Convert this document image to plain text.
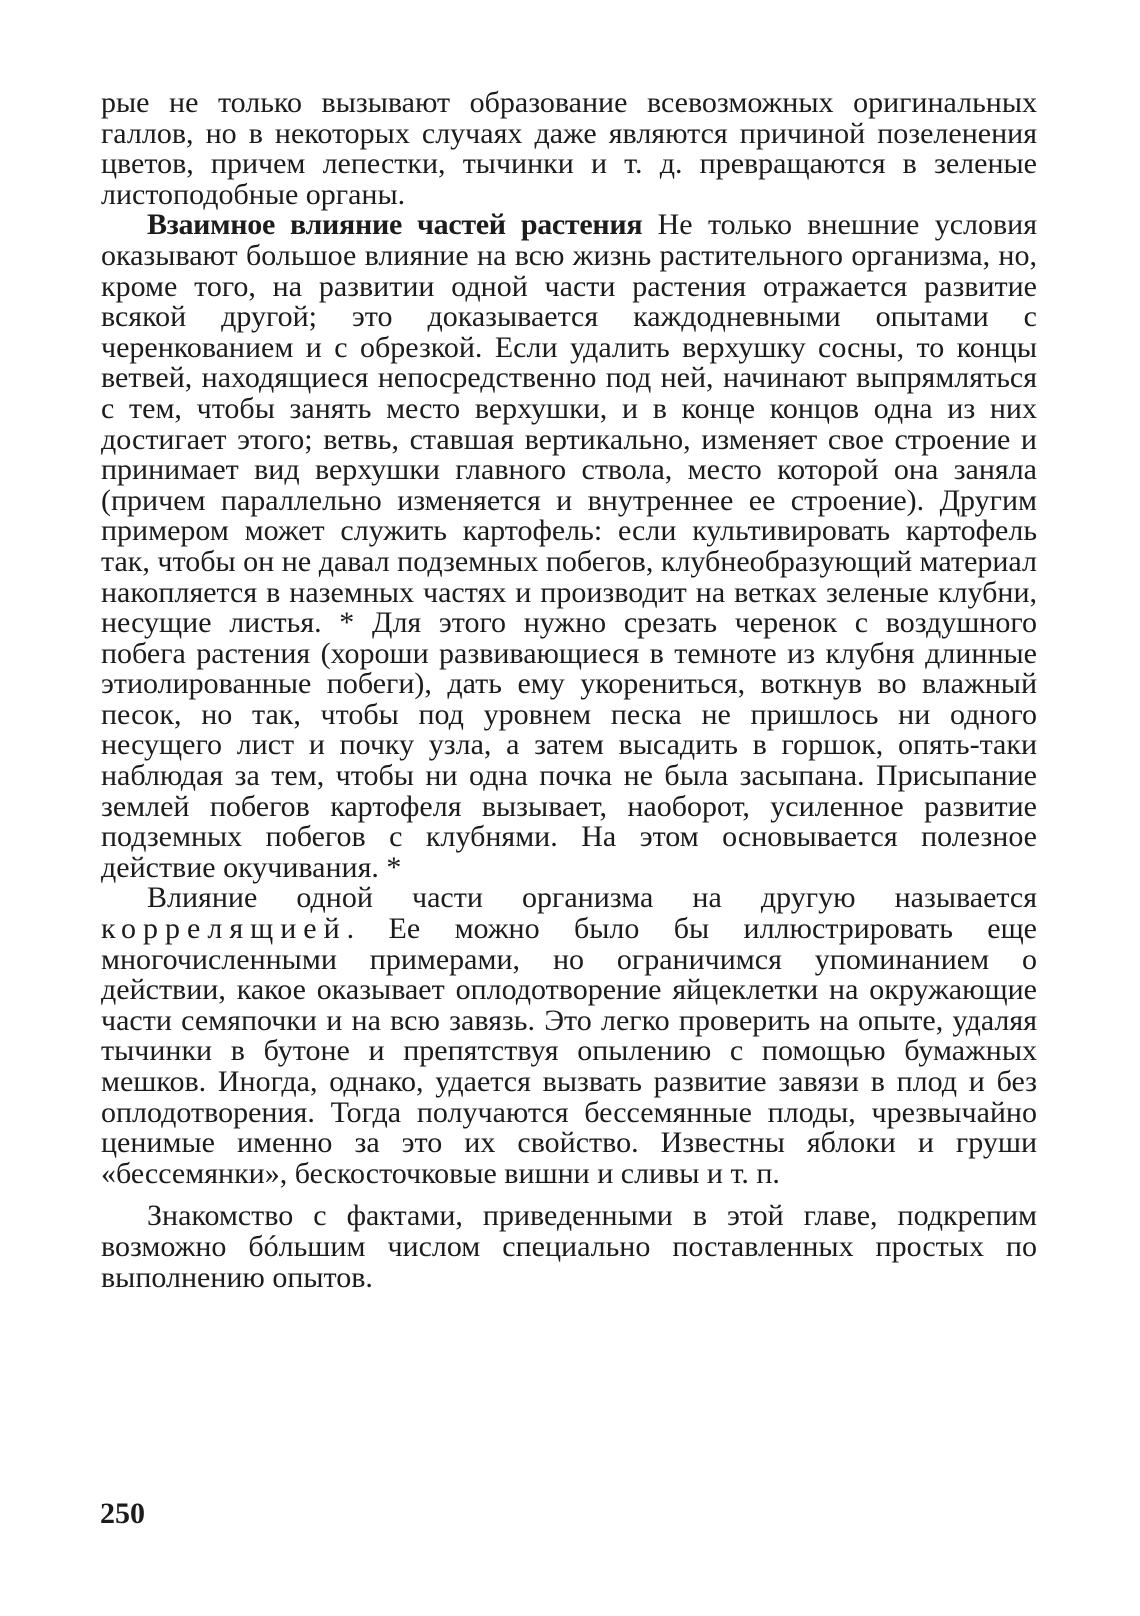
рые не только вызывают образование всевозможных оригинальных галлов, но в некоторых случаях даже являются причиной позеленения цветов, причем лепестки, тычинки и т. д. превращаются в зеленые листоподобные органы.

Взаимное влияние частей растения Не только внешние условия оказывают большое влияние на всю жизнь растительного организма, но, кроме того, на развитии одной части растения отражается развитие всякой другой; это доказывается каждодневными опытами с черенкованием и с обрезкой. Если удалить верхушку сосны, то концы ветвей, находящиеся непосредственно под ней, начинают выпрямляться с тем, чтобы занять место верхушки, и в конце концов одна из них достигает этого; ветвь, ставшая вертикально, изменяет свое строение и принимает вид верхушки главного ствола, место которой она заняла (причем параллельно изменяется и внутреннее ее строение). Другим примером может служить картофель: если культивировать картофель так, чтобы он не давал подземных побегов, клубнеобразующий материал накопляется в наземных частях и производит на ветках зеленые клубни, несущие листья. * Для этого нужно срезать черенок с воздушного побега растения (хороши развивающиеся в темноте из клубня длинные этиолированные побеги), дать ему укорениться, воткнув во влажный песок, но так, чтобы под уровнем песка не пришлось ни одного несущего лист и почку узла, а затем высадить в горшок, опять-таки наблюдая за тем, чтобы ни одна почка не была засыпана. Присыпание землей побегов картофеля вызывает, наоборот, усиленное развитие подземных побегов с клубнями. На этом основывается полезное действие окучивания. *

Влияние одной части организма на другую называется коррелящией. Ее можно было бы иллюстрировать еще многочисленными примерами, но ограничимся упоминанием о действии, какое оказывает оплодотворение яйцеклетки на окружающие части семяпочки и на всю завязь. Это легко проверить на опыте, удаляя тычинки в бутоне и препятствуя опылению с помощью бумажных мешков. Иногда, однако, удается вызвать развитие завязи в плод и без оплодотворения. Тогда получаются бессемянные плоды, чрезвычайно ценимые именно за это их свойство. Известны яблоки и груши «бессемянки», бескосточковые вишни и сливы и т. п.

Знакомство с фактами, приведенными в этой главе, подкрепим возможно бóльшим числом специально поставленных простых по выполнению опытов.

250
